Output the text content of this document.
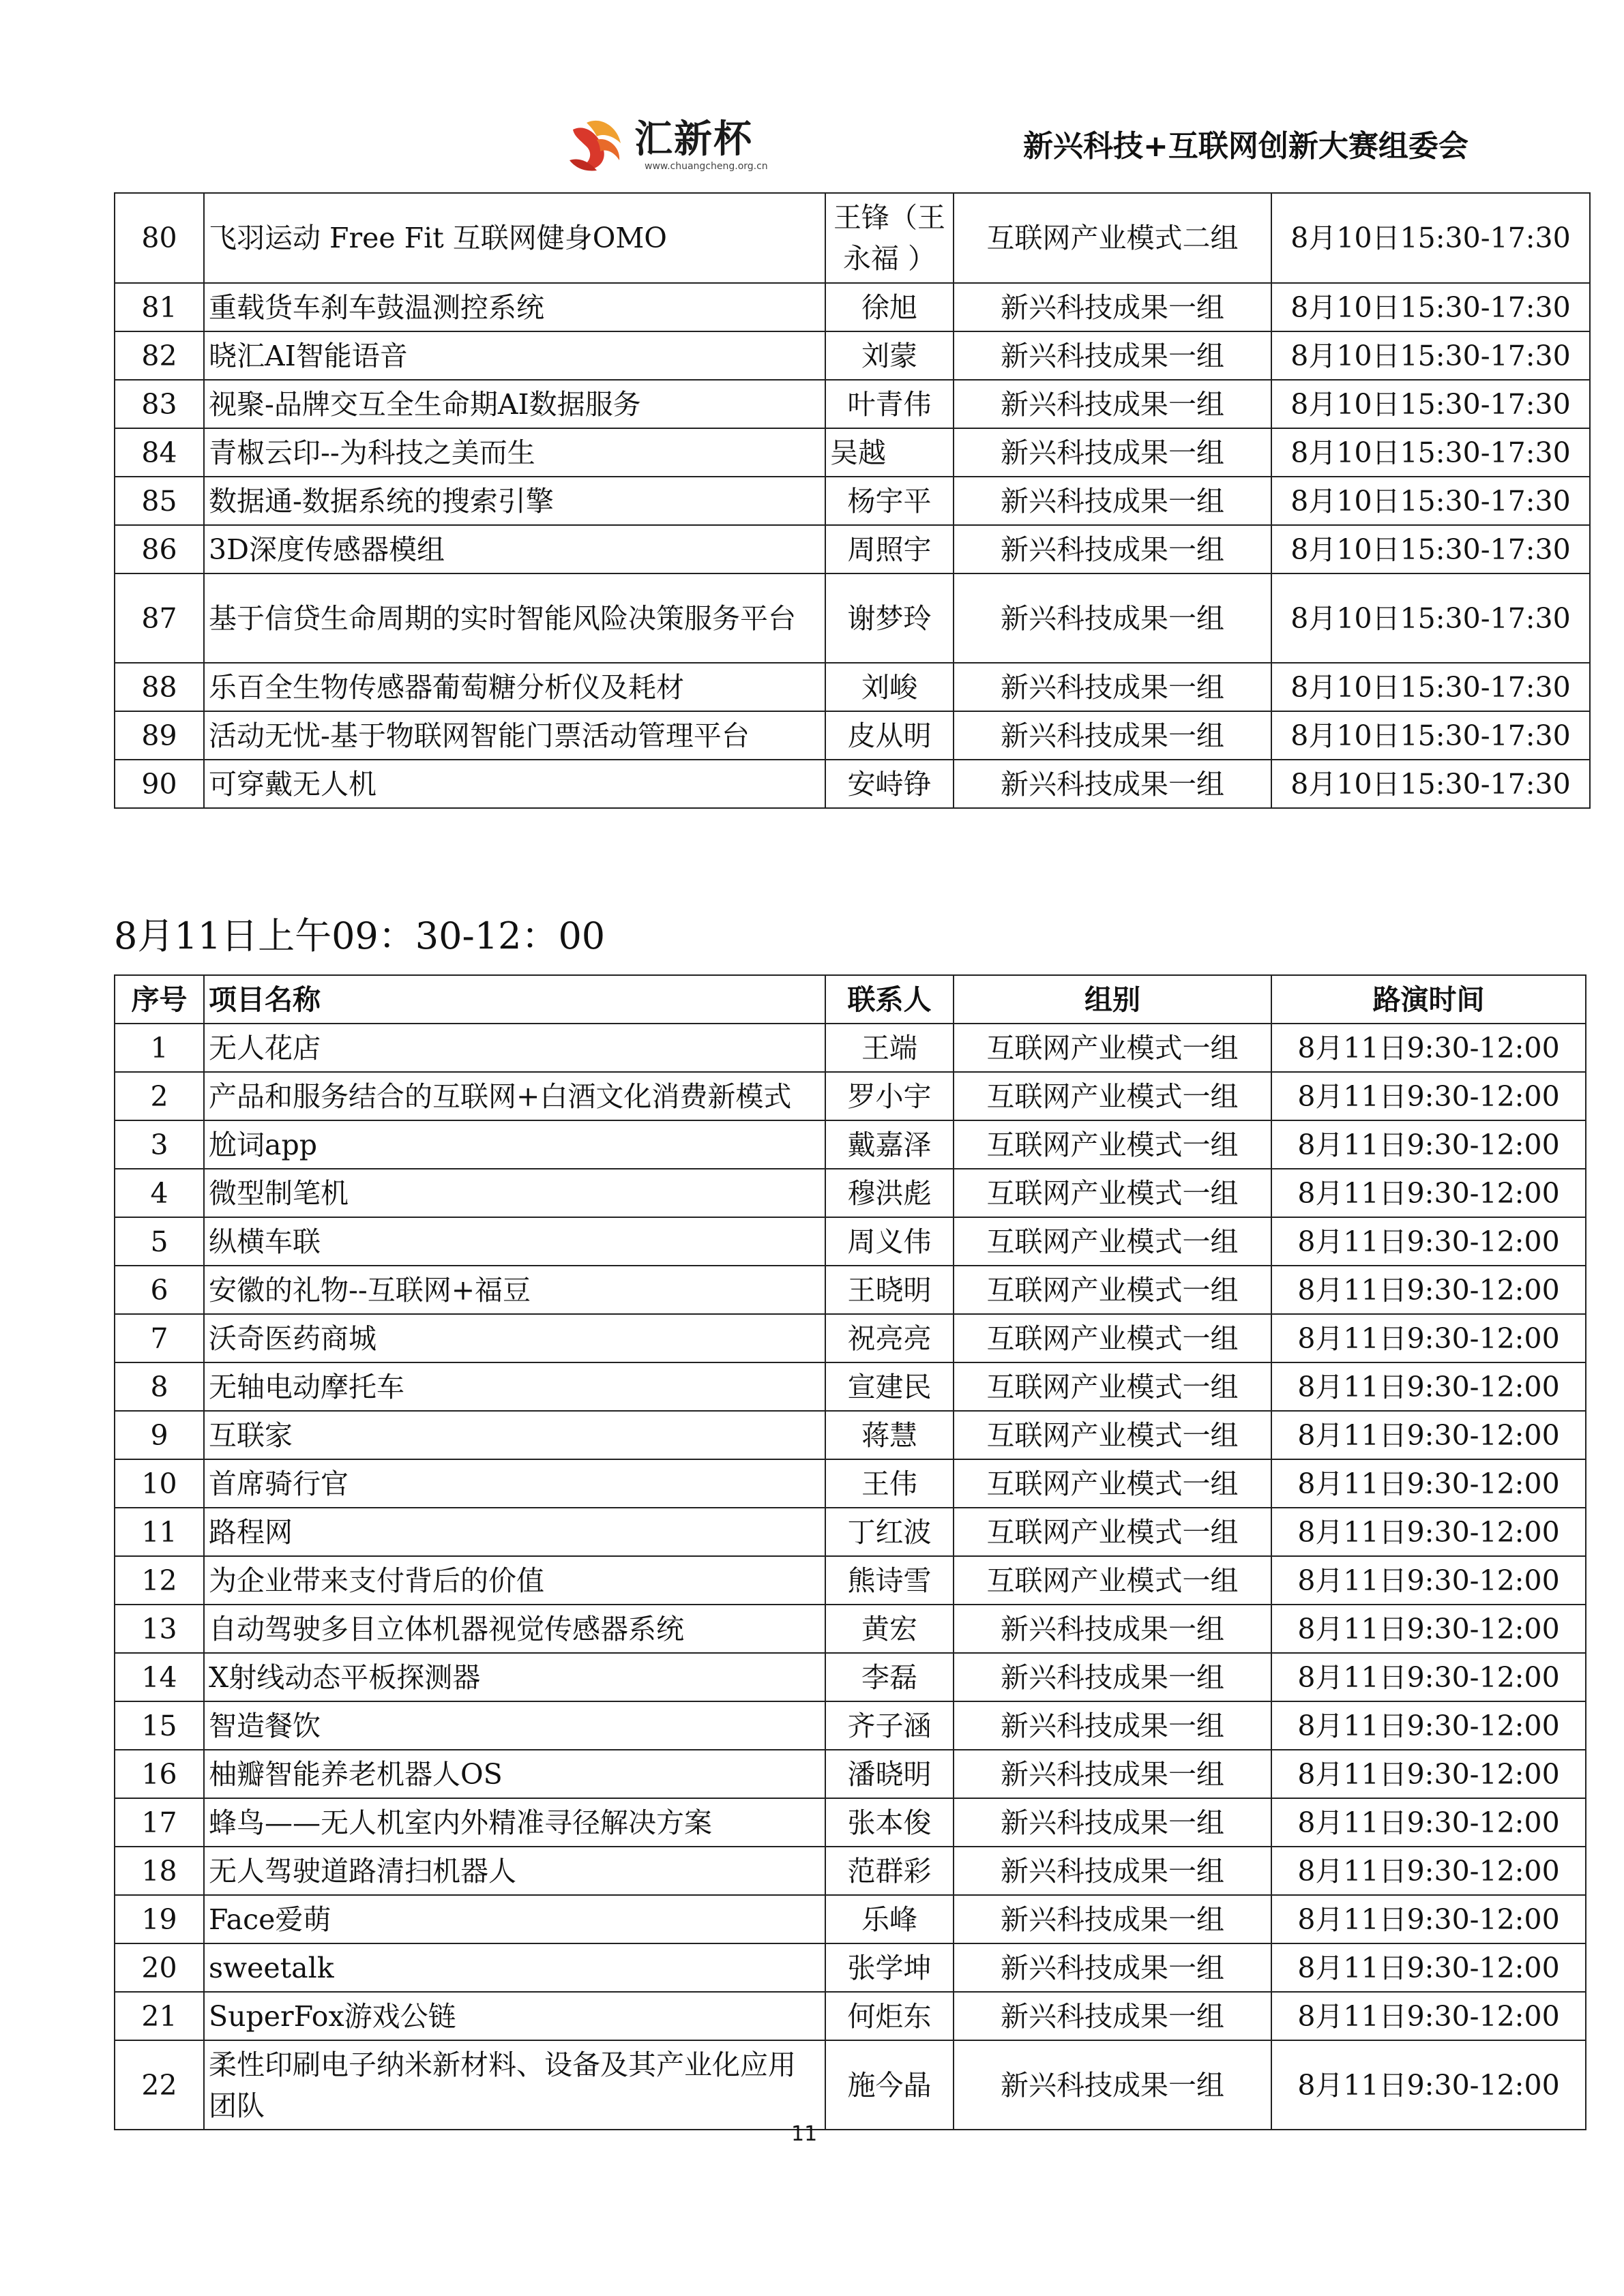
汇新杯
www.chuangcheng.org.cn
新兴科技+互联网创新大赛组委会
80	飞羽运动 Free Fit 互联网健身OMO	王锋（王永福 ）	互联网产业模式二组	8月10日15:30-17:30
81	重载货车刹车鼓温测控系统	徐旭	新兴科技成果一组	8月10日15:30-17:30
82	晓汇AI智能语音	刘蒙	新兴科技成果一组	8月10日15:30-17:30
83	视聚-品牌交互全生命期AI数据服务	叶青伟	新兴科技成果一组	8月10日15:30-17:30
84	青椒云印--为科技之美而生	吴越	新兴科技成果一组	8月10日15:30-17:30
85	数据通-数据系统的搜索引擎	杨宇平	新兴科技成果一组	8月10日15:30-17:30
86	3D深度传感器模组	周照宇	新兴科技成果一组	8月10日15:30-17:30
87	基于信贷生命周期的实时智能风险决策服务平台	谢梦玲	新兴科技成果一组	8月10日15:30-17:30
88	乐百全生物传感器葡萄糖分析仪及耗材	刘峻	新兴科技成果一组	8月10日15:30-17:30
89	活动无忧-基于物联网智能门票活动管理平台	皮从明	新兴科技成果一组	8月10日15:30-17:30
90	可穿戴无人机	安峙铮	新兴科技成果一组	8月10日15:30-17:30
8月11日上午09：30-12：00
序号	项目名称	联系人	组别	路演时间
1	无人花店	王端	互联网产业模式一组	8月11日9:30-12:00
2	产品和服务结合的互联网+白酒文化消费新模式	罗小宇	互联网产业模式一组	8月11日9:30-12:00
3	尬词app	戴嘉泽	互联网产业模式一组	8月11日9:30-12:00
4	微型制笔机	穆洪彪	互联网产业模式一组	8月11日9:30-12:00
5	纵横车联	周义伟	互联网产业模式一组	8月11日9:30-12:00
6	安徽的礼物--互联网+福豆	王晓明	互联网产业模式一组	8月11日9:30-12:00
7	沃奇医药商城	祝亮亮	互联网产业模式一组	8月11日9:30-12:00
8	无轴电动摩托车	宣建民	互联网产业模式一组	8月11日9:30-12:00
9	互联家	蒋慧	互联网产业模式一组	8月11日9:30-12:00
10	首席骑行官	王伟	互联网产业模式一组	8月11日9:30-12:00
11	路程网	丁红波	互联网产业模式一组	8月11日9:30-12:00
12	为企业带来支付背后的价值	熊诗雪	互联网产业模式一组	8月11日9:30-12:00
13	自动驾驶多目立体机器视觉传感器系统	黄宏	新兴科技成果一组	8月11日9:30-12:00
14	X射线动态平板探测器	李磊	新兴科技成果一组	8月11日9:30-12:00
15	智造餐饮	齐子涵	新兴科技成果一组	8月11日9:30-12:00
16	柚瓣智能养老机器人OS	潘晓明	新兴科技成果一组	8月11日9:30-12:00
17	蜂鸟——无人机室内外精准寻径解决方案	张本俊	新兴科技成果一组	8月11日9:30-12:00
18	无人驾驶道路清扫机器人	范群彩	新兴科技成果一组	8月11日9:30-12:00
19	Face爱萌	乐峰	新兴科技成果一组	8月11日9:30-12:00
20	sweetalk	张学坤	新兴科技成果一组	8月11日9:30-12:00
21	SuperFox游戏公链	何炬东	新兴科技成果一组	8月11日9:30-12:00
22	柔性印刷电子纳米新材料、设备及其产业化应用团队	施今晶	新兴科技成果一组	8月11日9:30-12:00
11
